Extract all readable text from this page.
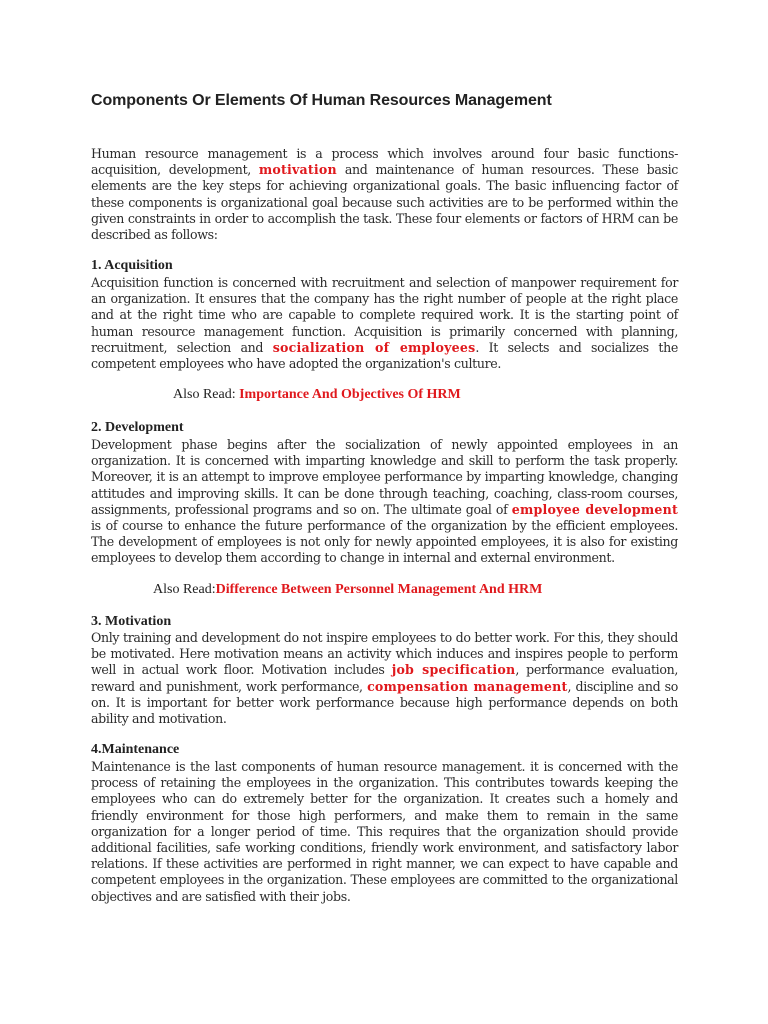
Components Or Elements Of Human Resources Management

Human resource management is a process which involves around four basic functions- acquisition, development, motivation and maintenance of human resources. These basic elements are the key steps for achieving organizational goals. The basic influencing factor of these components is organizational goal because such activities are to be performed within the given constraints in order to accomplish the task. These four elements or factors of HRM can be described as follows:

1. Acquisition

Acquisition function is concerned with recruitment and selection of manpower requirement for an organization. It ensures that the company has the right number of people at the right place and at the right time who are capable to complete required work. It is the starting point of human resource management function. Acquisition is primarily concerned with planning, recruitment, selection and socialization of employees. It selects and socializes the competent employees who have adopted the organization's culture.

Also Read: Importance And Objectives Of HRM

2. Development

Development phase begins after the socialization of newly appointed employees in an organization. It is concerned with imparting knowledge and skill to perform the task properly. Moreover, it is an attempt to improve employee performance by imparting knowledge, changing attitudes and improving skills. It can be done through teaching, coaching, class-room courses, assignments, professional programs and so on. The ultimate goal of employee development is of course to enhance the future performance of the organization by the efficient employees. The development of employees is not only for newly appointed employees, it is also for existing employees to develop them according to change in internal and external environment.

Also Read:Difference Between Personnel Management And HRM

3. Motivation

Only training and development do not inspire employees to do better work. For this, they should be motivated. Here motivation means an activity which induces and inspires people to perform well in actual work floor. Motivation includes job specification, performance evaluation, reward and punishment, work performance, compensation management, discipline and so on. It is important for better work performance because high performance depends on both ability and motivation.

4.Maintenance

Maintenance is the last components of human resource management. it is concerned with the process of retaining the employees in the organization. This contributes towards keeping the employees who can do extremely better for the organization. It creates such a homely and friendly environment for those high performers, and make them to remain in the same organization for a longer period of time. This requires that the organization should provide additional facilities, safe working conditions, friendly work environment, and satisfactory labor relations. If these activities are performed in right manner, we can expect to have capable and competent employees in the organization. These employees are committed to the organizational objectives and are satisfied with their jobs.
